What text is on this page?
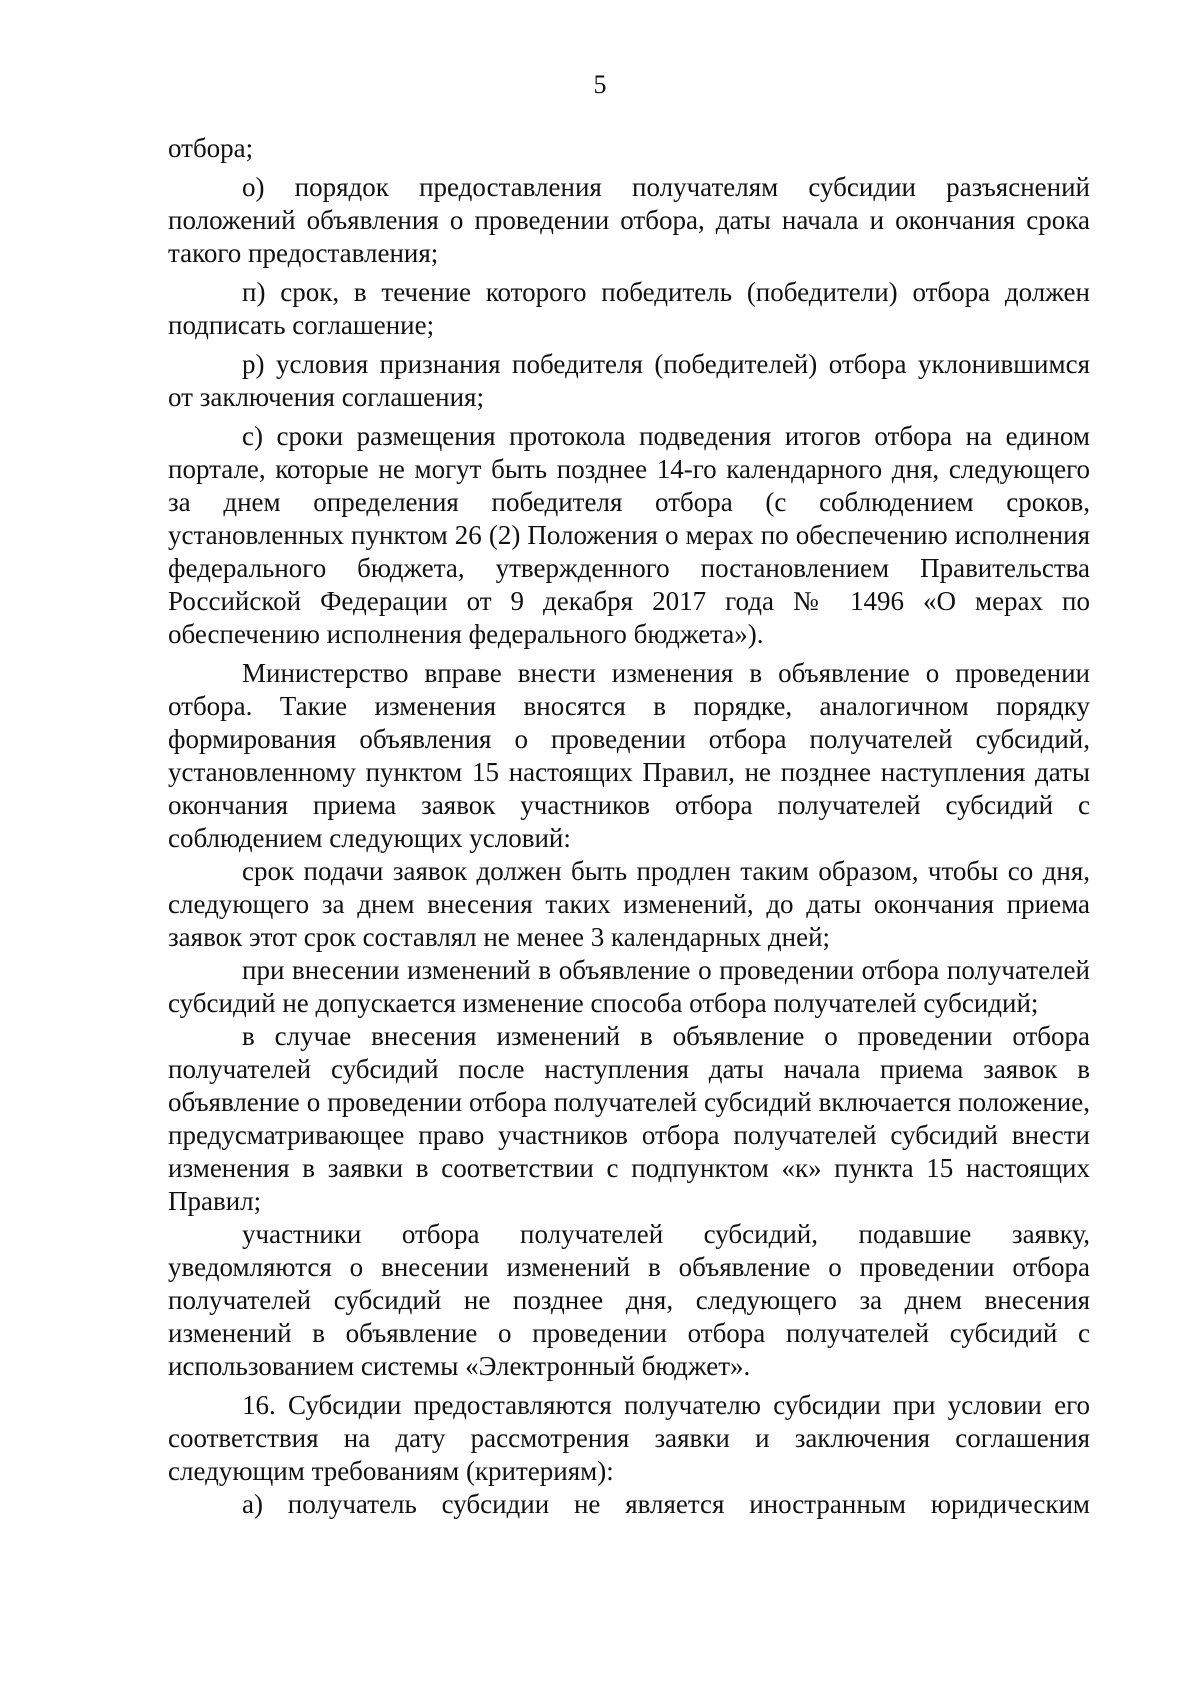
5

отбора;

о) порядок предоставления получателям субсидии разъяснений положений объявления о проведении отбора, даты начала и окончания срока такого предоставления;

п) срок, в течение которого победитель (победители) отбора должен подписать соглашение;

р) условия признания победителя (победителей) отбора уклонившимся от заключения соглашения;

с) сроки размещения протокола подведения итогов отбора на едином портале, которые не могут быть позднее 14-го календарного дня, следующего за днем определения победителя отбора (с соблюдением сроков, установленных пунктом 26 (2) Положения о мерах по обеспечению исполнения федерального бюджета, утвержденного постановлением Правительства Российской Федерации от 9 декабря 2017 года № 1496 «О мерах по обеспечению исполнения федерального бюджета»).

Министерство вправе внести изменения в объявление о проведении отбора. Такие изменения вносятся в порядке, аналогичном порядку формирования объявления о проведении отбора получателей субсидий, установленному пунктом 15 настоящих Правил, не позднее наступления даты окончания приема заявок участников отбора получателей субсидий с соблюдением следующих условий:

срок подачи заявок должен быть продлен таким образом, чтобы со дня, следующего за днем внесения таких изменений, до даты окончания приема заявок этот срок составлял не менее 3 календарных дней;

при внесении изменений в объявление о проведении отбора получателей субсидий не допускается изменение способа отбора получателей субсидий;

в случае внесения изменений в объявление о проведении отбора получателей субсидий после наступления даты начала приема заявок в объявление о проведении отбора получателей субсидий включается положение, предусматривающее право участников отбора получателей субсидий внести изменения в заявки в соответствии с подпунктом «к» пункта 15 настоящих Правил;

участники отбора получателей субсидий, подавшие заявку, уведомляются о внесении изменений в объявление о проведении отбора получателей субсидий не позднее дня, следующего за днем внесения изменений в объявление о проведении отбора получателей субсидий с использованием системы «Электронный бюджет».

16. Субсидии предоставляются получателю субсидии при условии его соответствия на дату рассмотрения заявки и заключения соглашения следующим требованиям (критериям):

а) получатель субсидии не является иностранным юридическим
